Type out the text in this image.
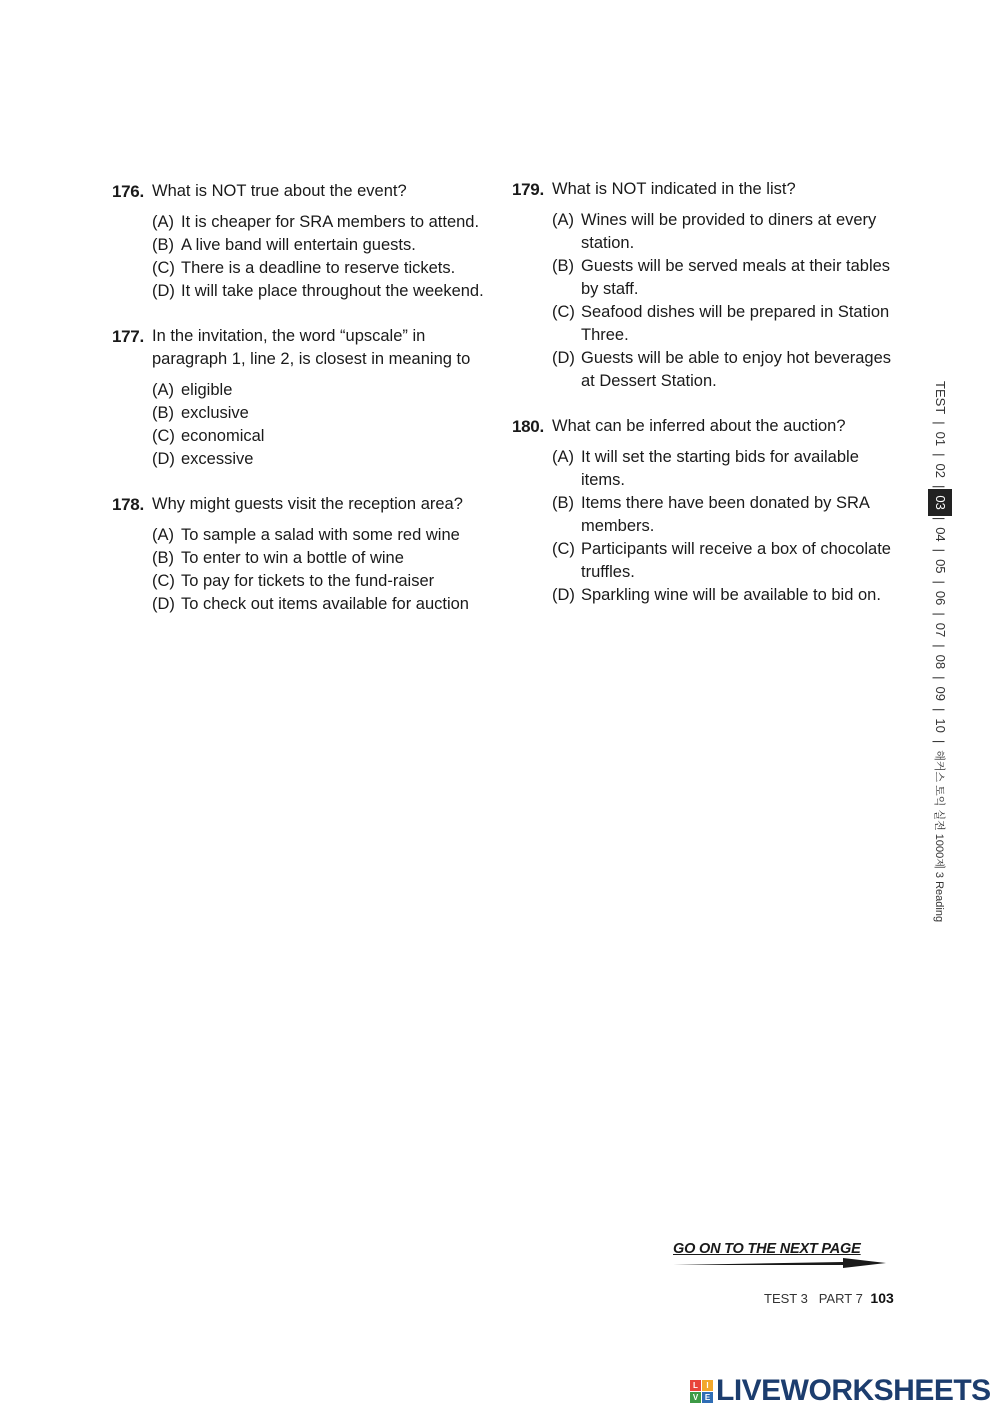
176. What is NOT true about the event?
(A) It is cheaper for SRA members to attend.
(B) A live band will entertain guests.
(C) There is a deadline to reserve tickets.
(D) It will take place throughout the weekend.
177. In the invitation, the word “upscale” in paragraph 1, line 2, is closest in meaning to
(A) eligible
(B) exclusive
(C) economical
(D) excessive
178. Why might guests visit the reception area?
(A) To sample a salad with some red wine
(B) To enter to win a bottle of wine
(C) To pay for tickets to the fund-raiser
(D) To check out items available for auction
179. What is NOT indicated in the list?
(A) Wines will be provided to diners at every station.
(B) Guests will be served meals at their tables by staff.
(C) Seafood dishes will be prepared in Station Three.
(D) Guests will be able to enjoy hot beverages at Dessert Station.
180. What can be inferred about the auction?
(A) It will set the starting bids for available items.
(B) Items there have been donated by SRA members.
(C) Participants will receive a box of chocolate truffles.
(D) Sparkling wine will be available to bid on.
TEST
|
01
|
02
|
03
|
04
|
05
|
06
|
07
|
08
|
09
|
10
|
해커스 토익 실전 1000제 3 Reading
GO ON TO THE NEXT PAGE
TEST 3 PART 7 103
L	I
V E LIVEWORKSHEETS
